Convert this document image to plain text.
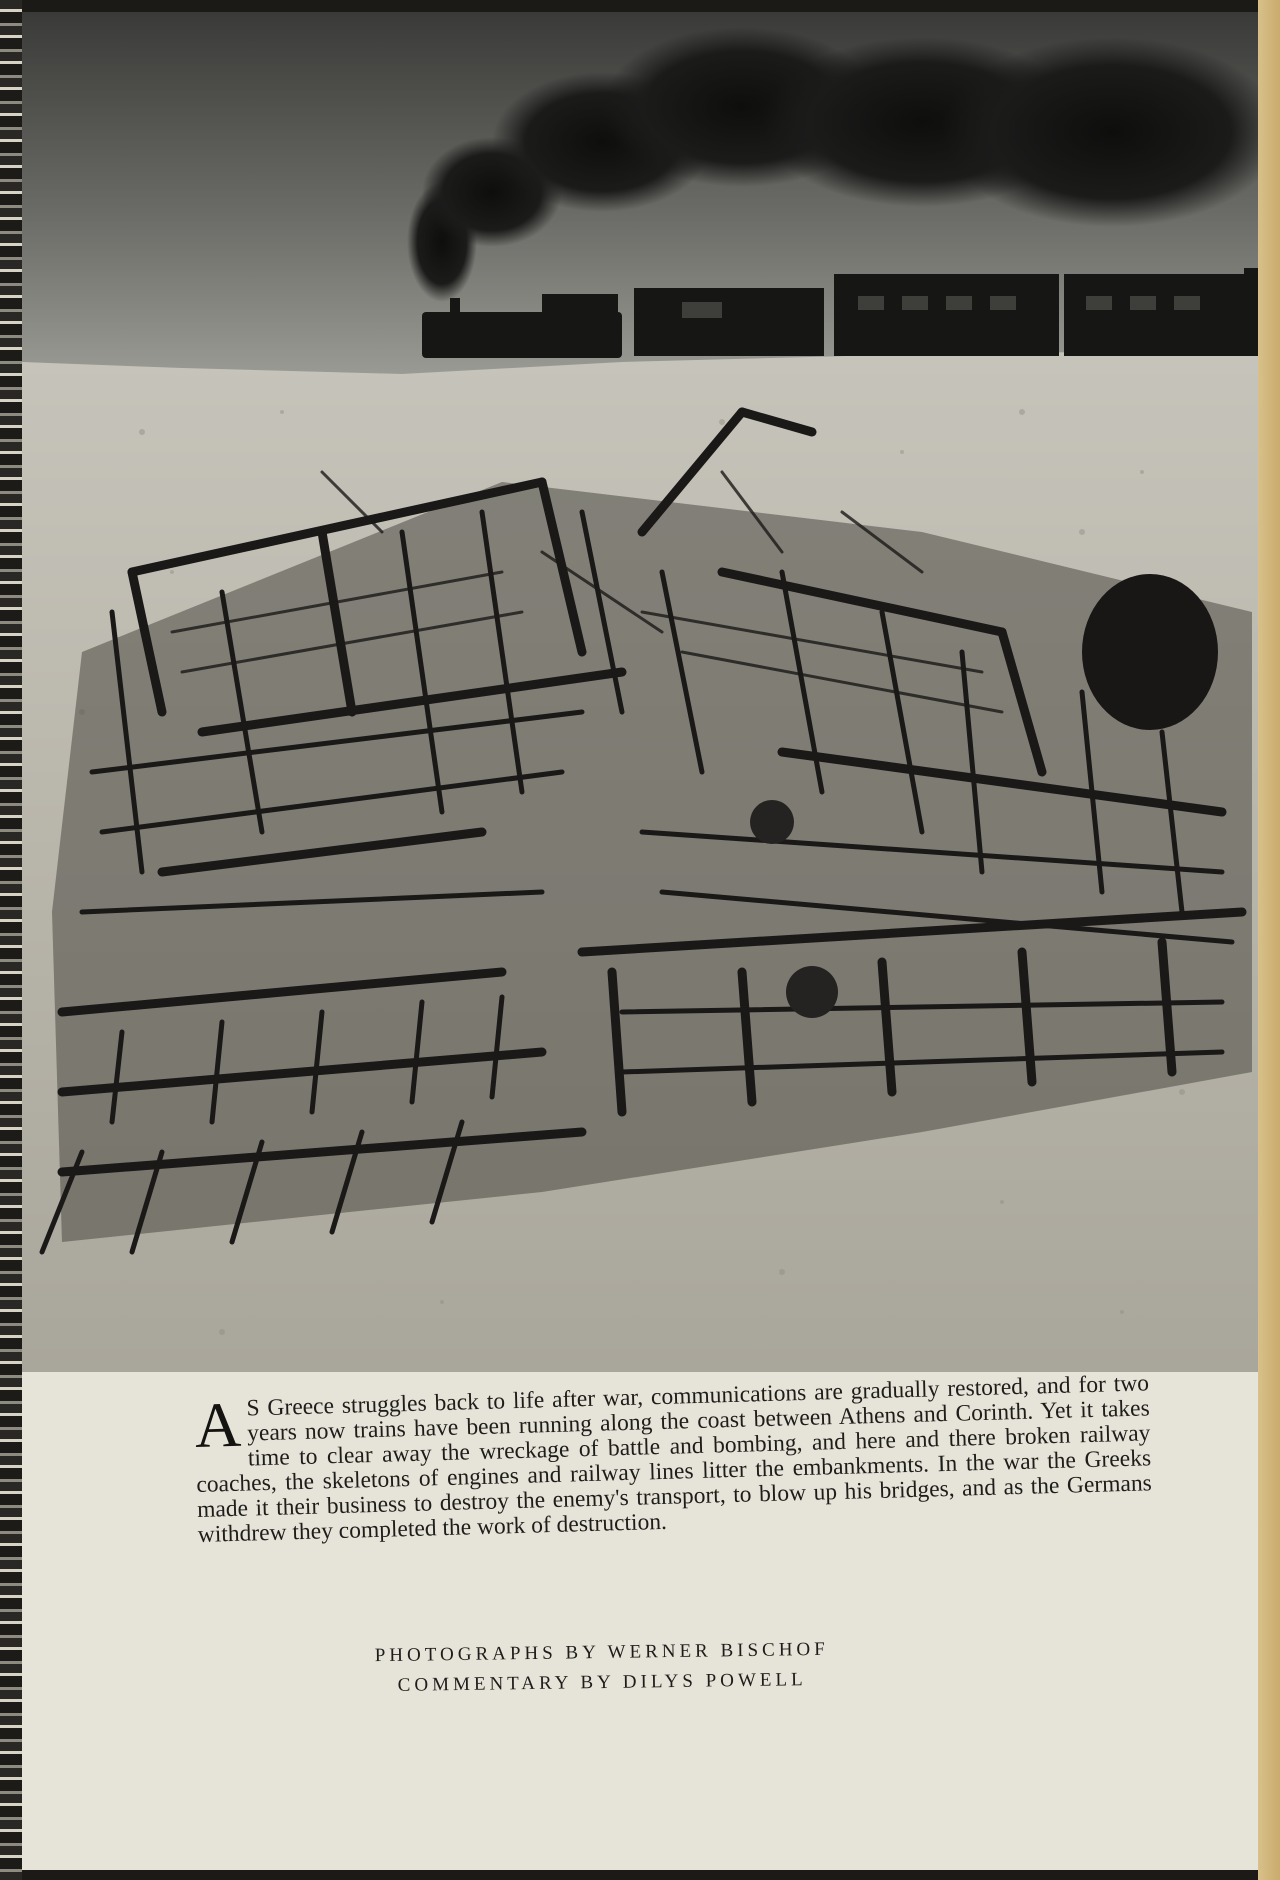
A S Greece struggles back to life after war, communications are gradually restored, and for two years now trains have been running along the coast between Athens and Corinth. Yet it takes time to clear away the wreckage of battle and bombing, and here and there broken railway coaches, the skeletons of engines and railway lines litter the embankments. In the war the Greeks made it their business to destroy the enemy's transport, to blow up his bridges, and as the Germans withdrew they completed the work of destruction.

PHOTOGRAPHS BY WERNER BISCHOF
COMMENTARY BY DILYS POWELL
